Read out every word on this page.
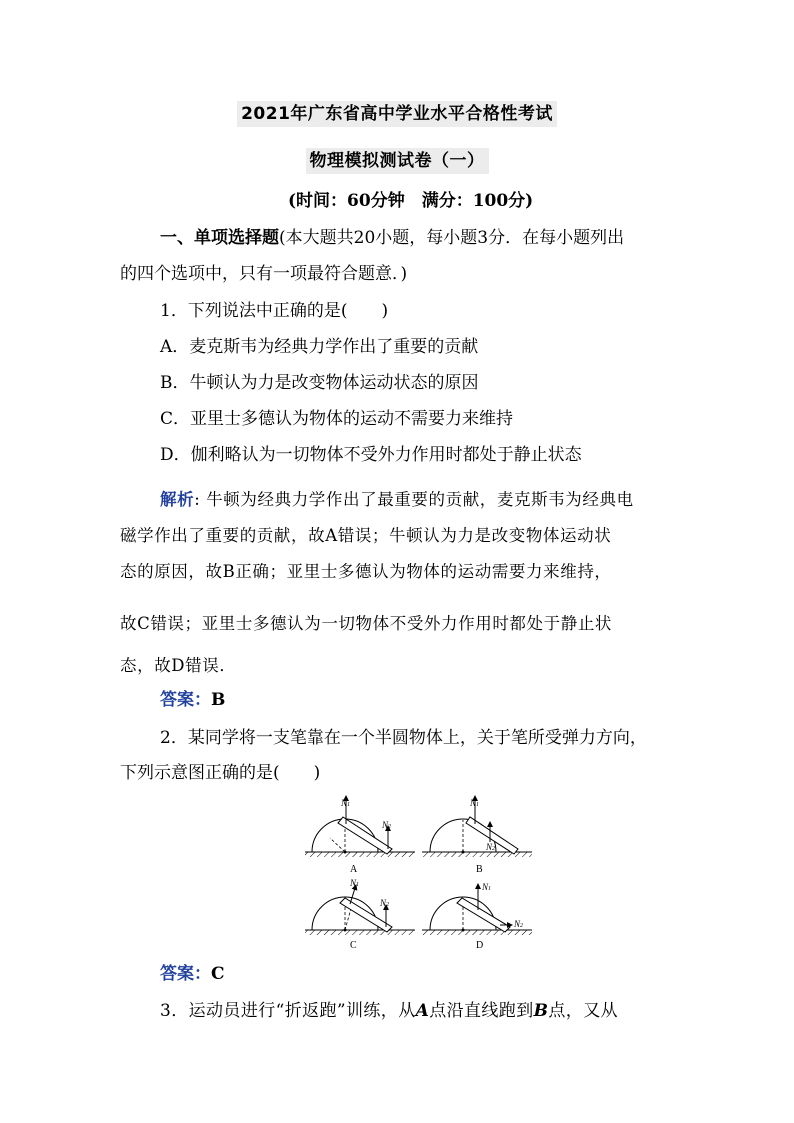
2021年广东省高中学业水平合格性考试
物理模拟测试卷（一）
(时间：60分钟　满分：100分)
一、单项选择题(本大题共20小题，每小题3分．在每小题列出
的四个选项中，只有一项最符合题意．)
1．下列说法中正确的是(　　)
A．麦克斯韦为经典力学作出了重要的贡献
B．牛顿认为力是改变物体运动状态的原因
C．亚里士多德认为物体的运动不需要力来维持
D．伽利略认为一切物体不受外力作用时都处于静止状态
解析: 牛顿为经典力学作出了最重要的贡献，麦克斯韦为经典电
磁学作出了重要的贡献，故A错误；牛顿认为力是改变物体运动状
态的原因，故B正确；亚里士多德认为物体的运动需要力来维持，
故C错误；亚里士多德认为一切物体不受外力作用时都处于静止状
态，故D错误．
答案：B
2．某同学将一支笔靠在一个半圆物体上，关于笔所受弹力方向，
下列示意图正确的是(　　)
N1
N2
A
N1
N2
B
N1
N2
C
N1
N2
D
答案：C
3．运动员进行“折返跑”训练，从A点沿直线跑到B点，又从
